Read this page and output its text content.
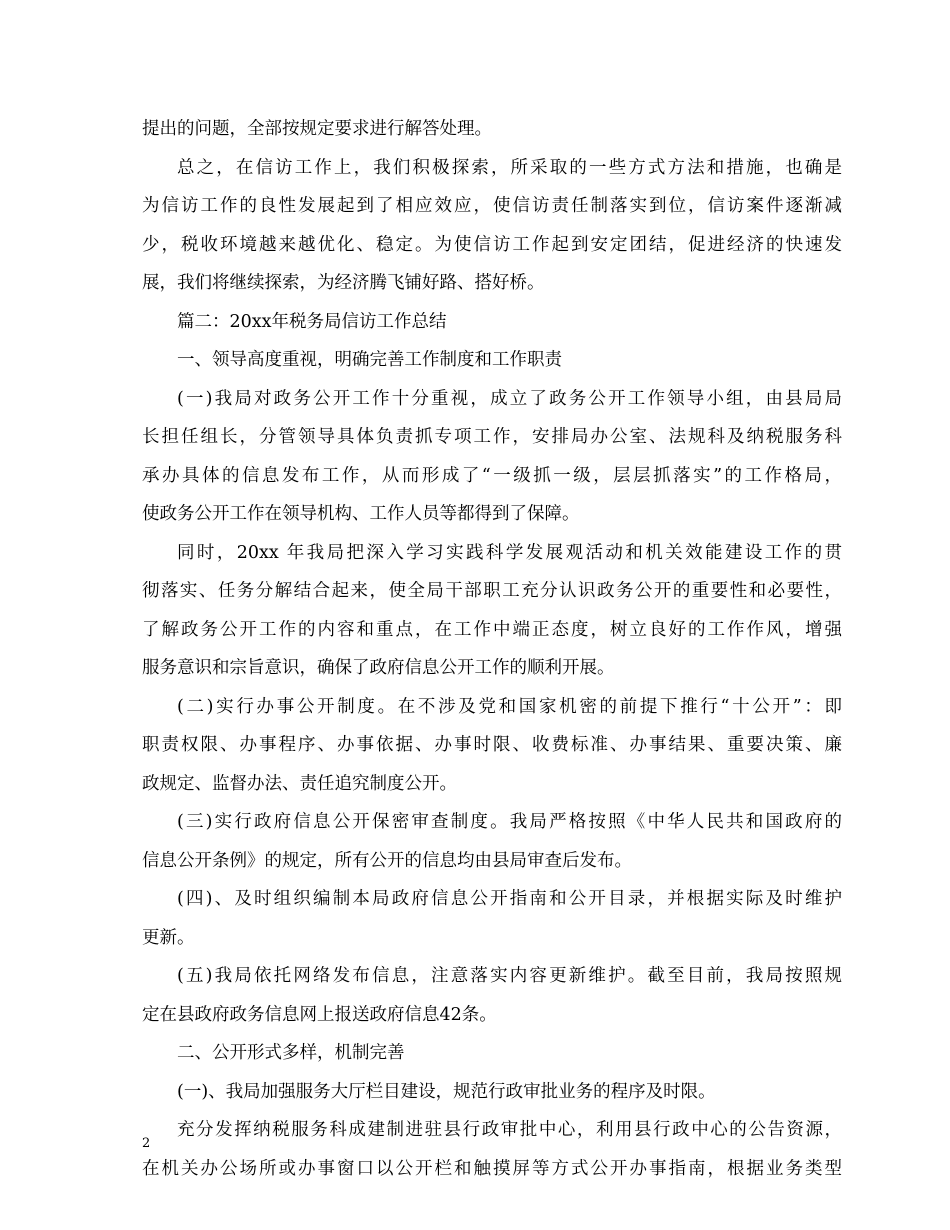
提出的问题，全部按规定要求进行解答处理。
总之，在信访工作上，我们积极探索，所采取的一些方式方法和措施，也确是
为信访工作的良性发展起到了相应效应，使信访责任制落实到位，信访案件逐渐减
少，税收环境越来越优化、稳定。为使信访工作起到安定团结，促进经济的快速发
展，我们将继续探索，为经济腾飞铺好路、搭好桥。
篇二：20xx年税务局信访工作总结
一、领导高度重视，明确完善工作制度和工作职责
(一)我局对政务公开工作十分重视，成立了政务公开工作领导小组，由县局局
长担任组长，分管领导具体负责抓专项工作，安排局办公室、法规科及纳税服务科
承办具体的信息发布工作，从而形成了“一级抓一级，层层抓落实”的工作格局，
使政务公开工作在领导机构、工作人员等都得到了保障。
同时，20xx 年我局把深入学习实践科学发展观活动和机关效能建设工作的贯
彻落实、任务分解结合起来，使全局干部职工充分认识政务公开的重要性和必要性，
了解政务公开工作的内容和重点，在工作中端正态度，树立良好的工作作风，增强
服务意识和宗旨意识，确保了政府信息公开工作的顺利开展。
(二)实行办事公开制度。在不涉及党和国家机密的前提下推行“十公开”：即
职责权限、办事程序、办事依据、办事时限、收费标准、办事结果、重要决策、廉
政规定、监督办法、责任追究制度公开。
(三)实行政府信息公开保密审查制度。我局严格按照《中华人民共和国政府的
信息公开条例》的规定，所有公开的信息均由县局审查后发布。
(四)、及时组织编制本局政府信息公开指南和公开目录，并根据实际及时维护
更新。
(五)我局依托网络发布信息，注意落实内容更新维护。截至目前，我局按照规
定在县政府政务信息网上报送政府信息42条。
二、公开形式多样，机制完善
(一)、我局加强服务大厅栏目建设，规范行政审批业务的程序及时限。
充分发挥纳税服务科成建制进驻县行政审批中心，利用县行政中心的公告资源，
在机关办公场所或办事窗口以公开栏和触摸屏等方式公开办事指南，根据业务类型
2
